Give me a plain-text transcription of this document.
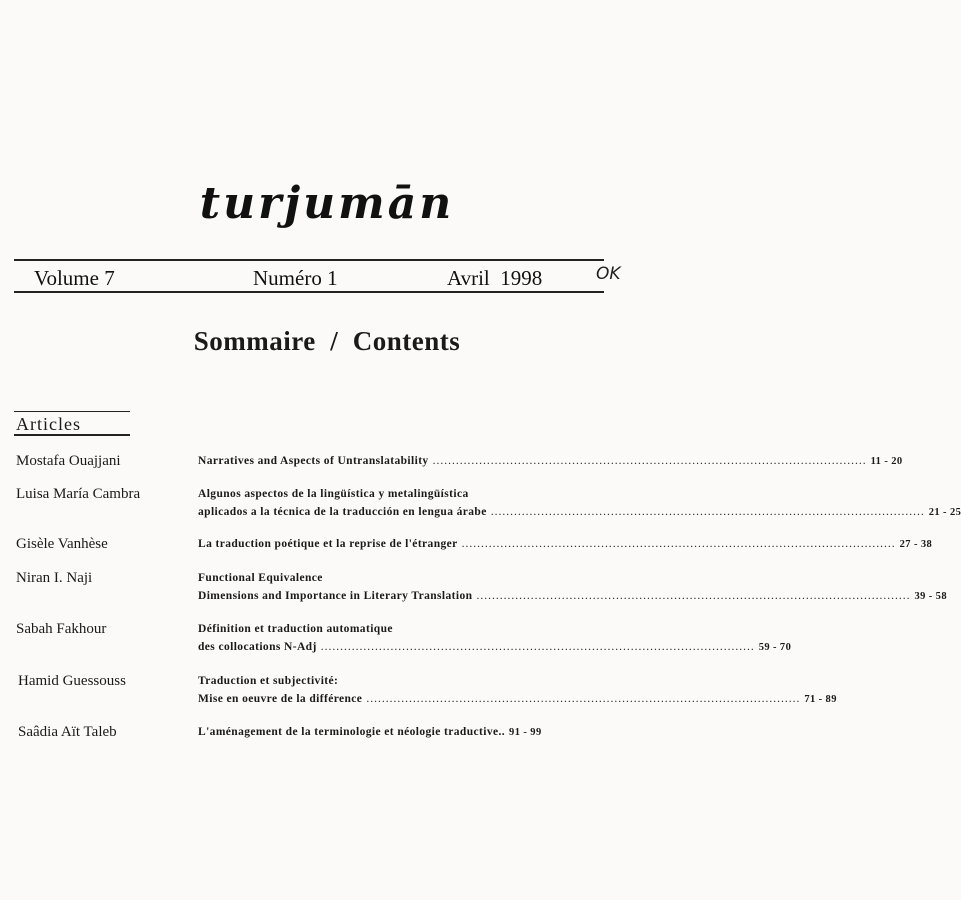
turjumān
Volume 7	Numéro 1	Avril  1998	OK
Sommaire  /  Contents
Articles
Mostafa Ouajjani	Narratives and Aspects of Untranslatability ................................................................................................................ 11 - 20
Luisa María Cambra	Algunos aspectos de la lingüística y metalingüística
aplicados a la técnica de la traducción en lengua árabe ................................................................................................................ 21 - 25
Gisèle Vanhèse	La traduction poétique et la reprise de l'étranger ................................................................................................................ 27 - 38
Niran I. Naji	Functional Equivalence
Dimensions and Importance in Literary Translation ................................................................................................................ 39 - 58
Sabah Fakhour	Définition et traduction automatique
des collocations N-Adj ................................................................................................................ 59 - 70
Hamid Guessouss	Traduction et subjectivité:
Mise en oeuvre de la différence ................................................................................................................ 71 - 89
Saâdia Aït Taleb	L'aménagement de la terminologie et néologie traductive.. 91 - 99
